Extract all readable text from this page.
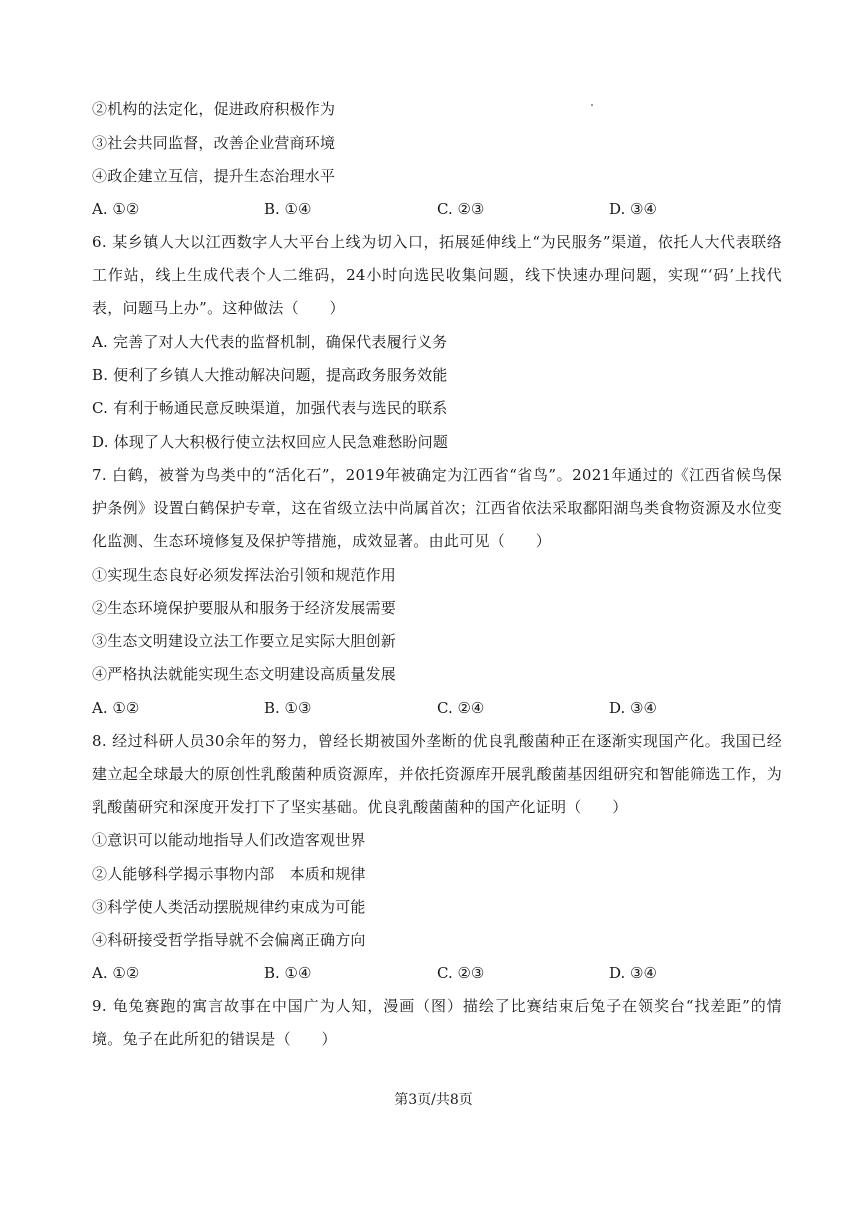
②机构的法定化，促进政府积极作为
③社会共同监督，改善企业营商环境
④政企建立互信，提升生态治理水平
A. ①②	B. ①④	C. ②③	D. ③④
6. 某乡镇人大以江西数字人大平台上线为切入口，拓展延伸线上“为民服务”渠道，依托人大代表联络工作站，线上生成代表个人二维码，24小时向选民收集问题，线下快速办理问题，实现“‘码’上找代表，问题马上办”。这种做法（　　）
A. 完善了对人大代表的监督机制，确保代表履行义务
B. 便利了乡镇人大推动解决问题，提高政务服务效能
C. 有利于畅通民意反映渠道，加强代表与选民的联系
D. 体现了人大积极行使立法权回应人民急难愁盼问题
7. 白鹤，被誉为鸟类中的“活化石”，2019年被确定为江西省“省鸟”。2021年通过的《江西省候鸟保护条例》设置白鹤保护专章，这在省级立法中尚属首次；江西省依法采取鄱阳湖鸟类食物资源及水位变化监测、生态环境修复及保护等措施，成效显著。由此可见（　　）
①实现生态良好必须发挥法治引领和规范作用
②生态环境保护要服从和服务于经济发展需要
③生态文明建设立法工作要立足实际大胆创新
④严格执法就能实现生态文明建设高质量发展
A. ①②	B. ①③	C. ②④	D. ③④
8. 经过科研人员30余年的努力，曾经长期被国外垄断的优良乳酸菌种正在逐渐实现国产化。我国已经建立起全球最大的原创性乳酸菌种质资源库，并依托资源库开展乳酸菌基因组研究和智能筛选工作，为乳酸菌研究和深度开发打下了坚实基础。优良乳酸菌菌种的国产化证明（　　）
①意识可以能动地指导人们改造客观世界
②人能够科学揭示事物内部　本质和规律
③科学使人类活动摆脱规律约束成为可能
④科研接受哲学指导就不会偏离正确方向
A. ①②	B. ①④	C. ②③	D. ③④
9. 龟兔赛跑的寓言故事在中国广为人知，漫画（图）描绘了比赛结束后兔子在领奖台“找差距”的情境。兔子在此所犯的错误是（　　）
第3页/共8页
